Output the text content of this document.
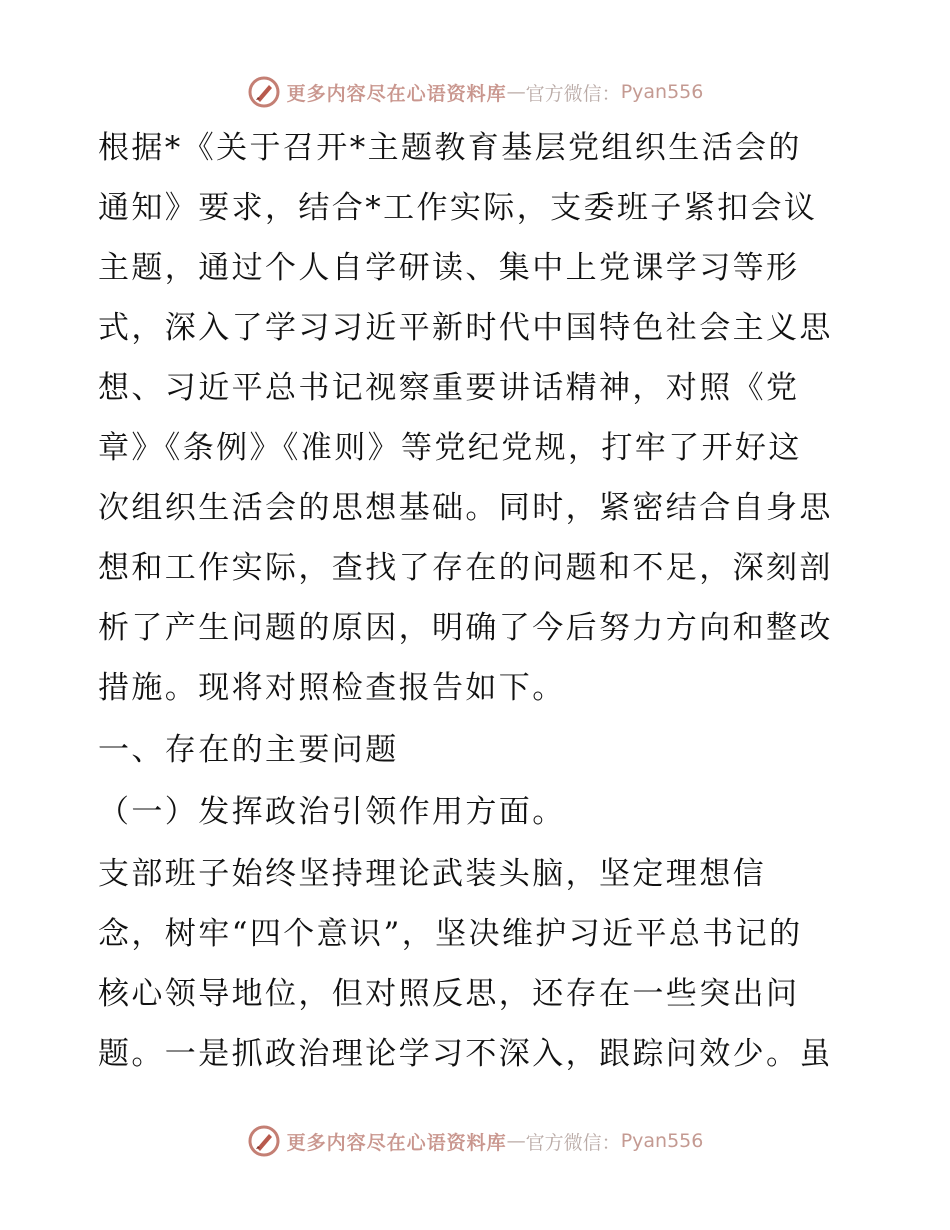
更多内容尽在心语资料库 — 官方微信： Pyan556
根据*《关于召开*主题教育基层党组织生活会的
通知》要求，结合*工作实际，支委班子紧扣会议
主题，通过个人自学研读、集中上党课学习等形
式，深入了学习习近平新时代中国特色社会主义思
想、习近平总书记视察重要讲话精神，对照《党
章》《条例》《准则》等党纪党规，打牢了开好这
次组织生活会的思想基础。同时，紧密结合自身思
想和工作实际，查找了存在的问题和不足，深刻剖
析了产生问题的原因，明确了今后努力方向和整改
措施。现将对照检查报告如下。
一、存在的主要问题
（一）发挥政治引领作用方面。
支部班子始终坚持理论武装头脑，坚定理想信
念，树牢“四个意识”，坚决维护习近平总书记的
核心领导地位，但对照反思，还存在一些突出问
题。一是抓政治理论学习不深入，跟踪问效少。虽
更多内容尽在心语资料库 — 官方微信： Pyan556
